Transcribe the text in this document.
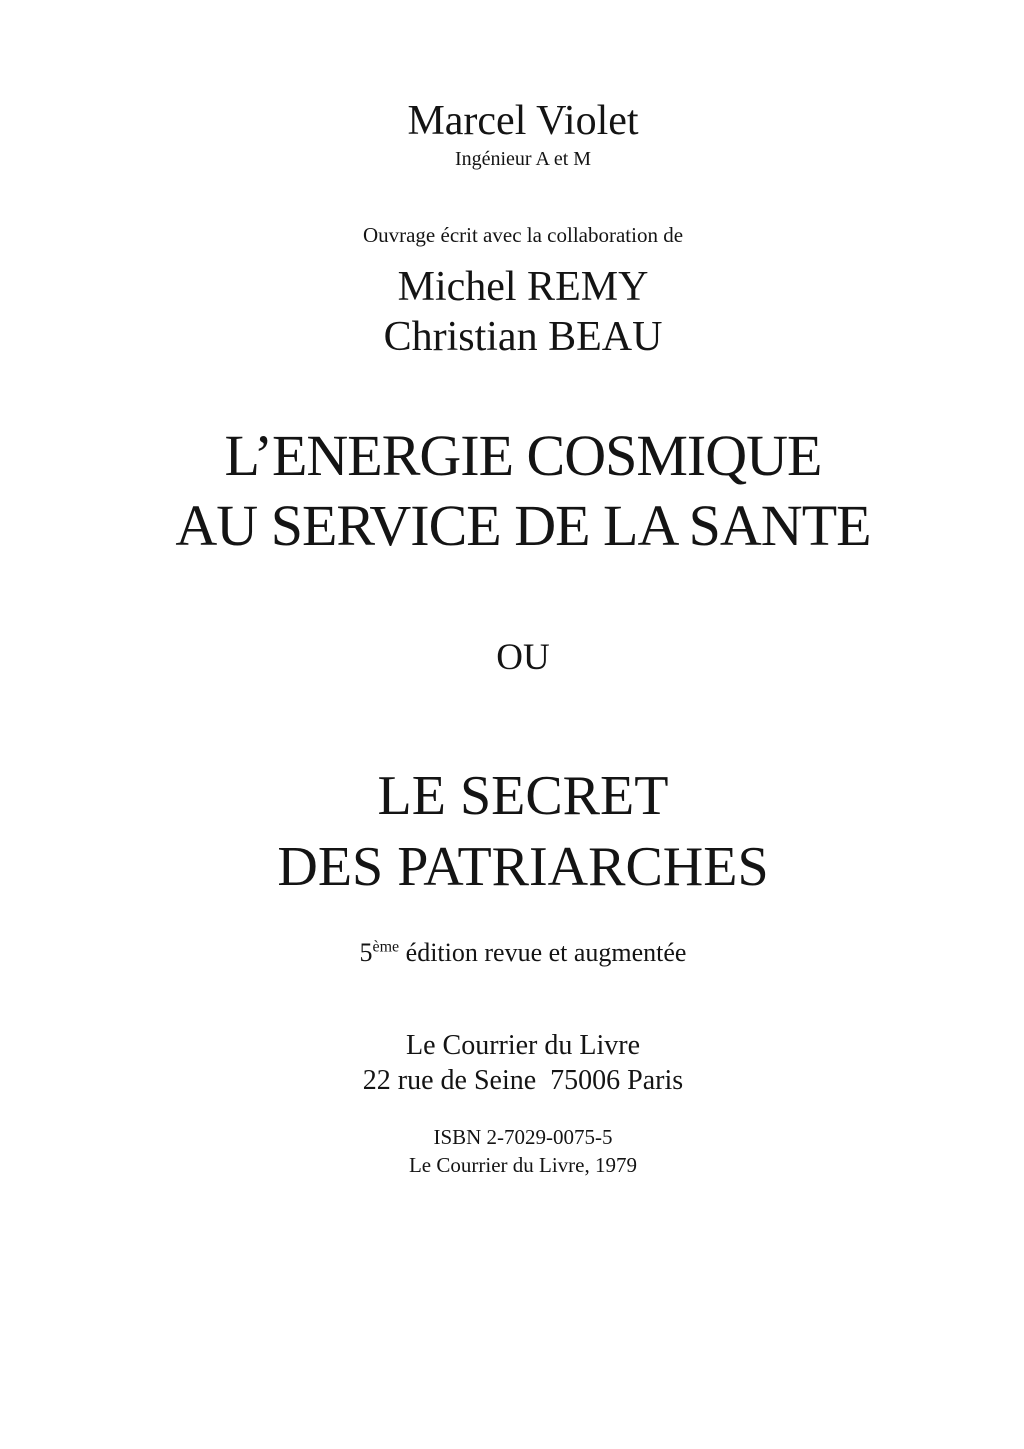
Marcel Violet
Ingénieur A et M
Ouvrage écrit avec la collaboration de
Michel REMY
Christian BEAU
L’ENERGIE COSMIQUE
AU SERVICE DE LA SANTE
OU
LE SECRET
DES PATRIARCHES
5ème édition revue et augmentée
Le Courrier du Livre
22 rue de Seine  75006 Paris
ISBN 2-7029-0075-5
Le Courrier du Livre, 1979
